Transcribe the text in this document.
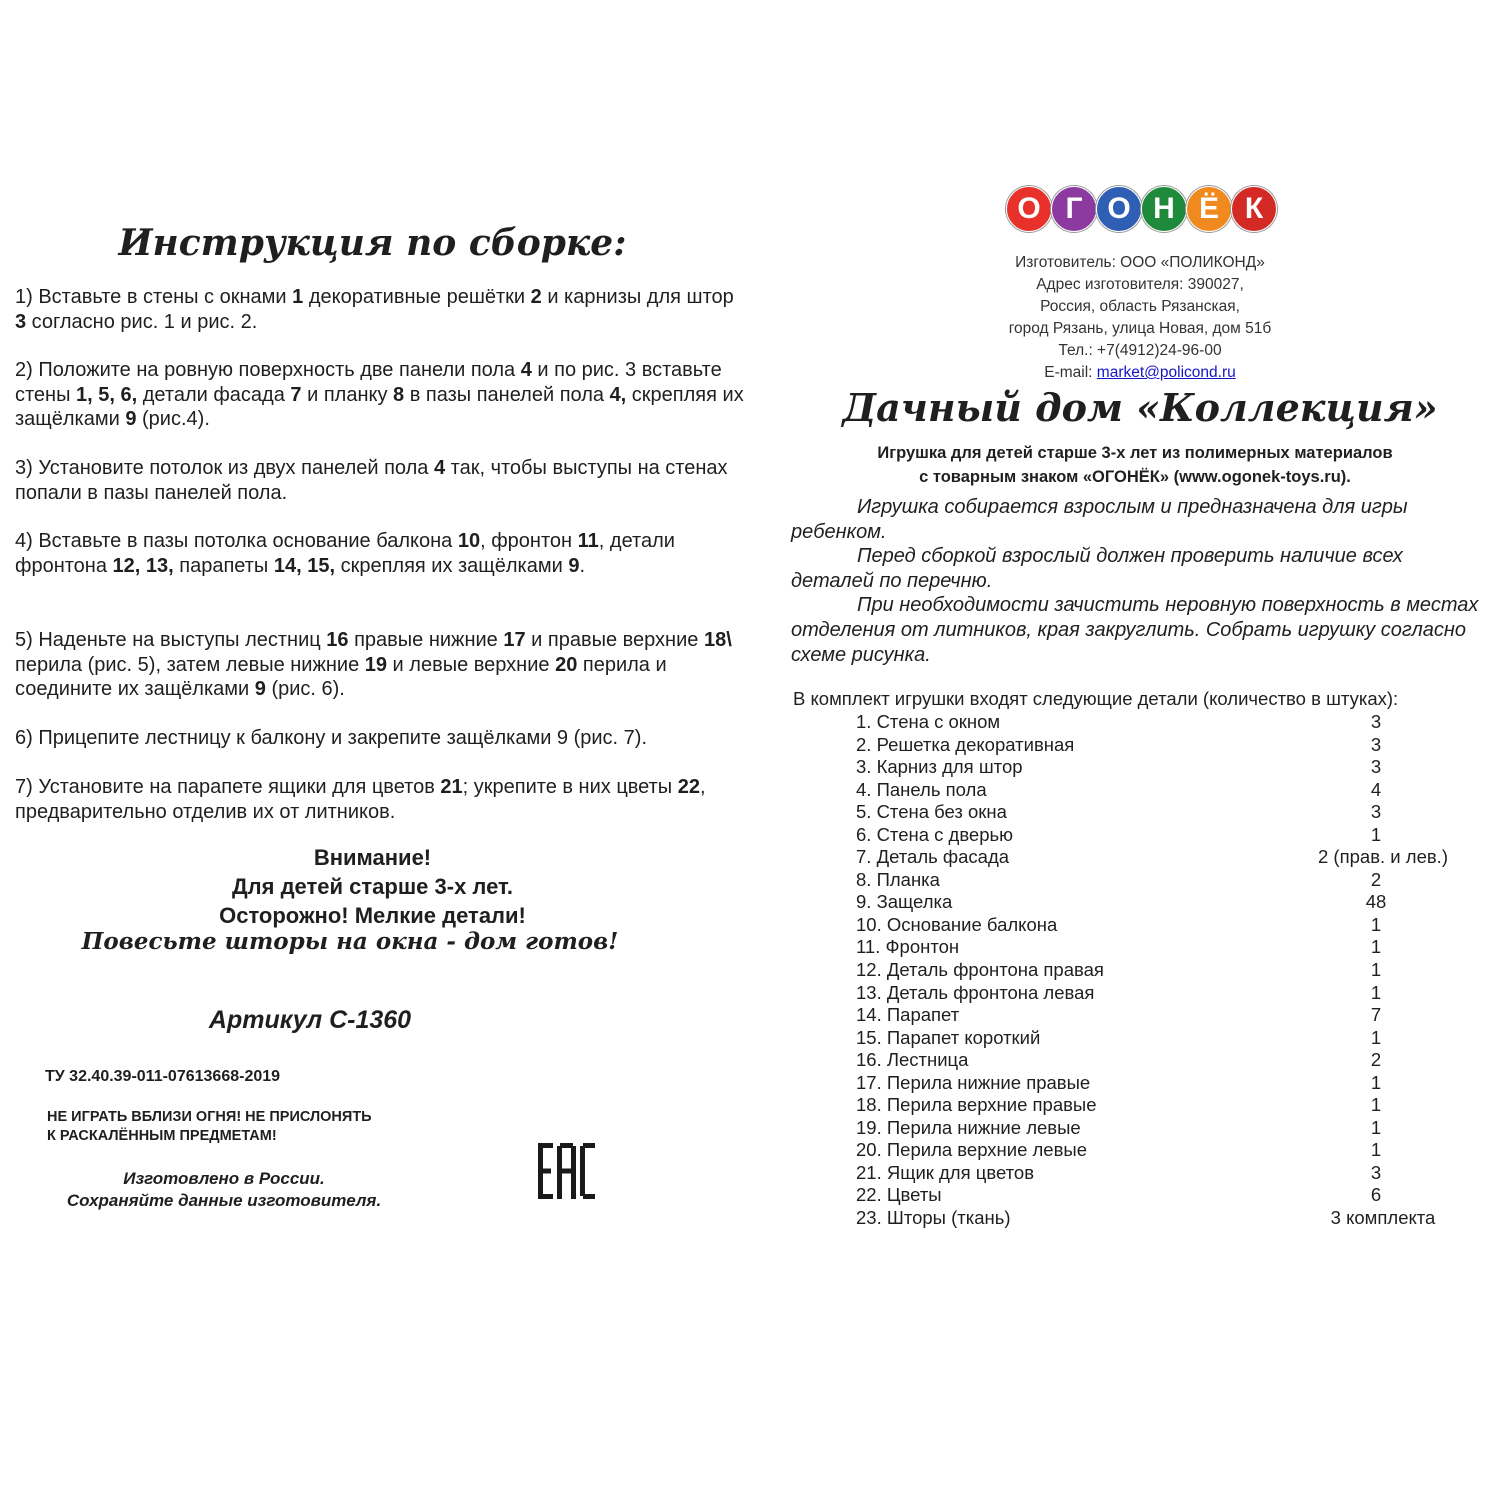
Инструкция по сборке:
1) Вставьте в стены с окнами 1 декоративные решётки 2 и карнизы для штор 3 согласно рис. 1 и рис. 2.
2) Положите на ровную поверхность две панели пола 4 и по рис. 3 вставьте стены 1, 5, 6, детали фасада 7 и планку 8 в пазы панелей пола 4, скрепляя их защёлками 9 (рис.4).
3) Установите потолок из двух панелей пола 4 так, чтобы выступы на стенах попали в пазы панелей пола.
4) Вставьте в пазы потолка основание балкона 10, фронтон 11, детали фронтона 12, 13, парапеты 14, 15, скрепляя их защёлками 9.
5) Наденьте на выступы лестниц 16 правые нижние 17 и правые верхние 18\ перила (рис. 5), затем левые нижние 19 и левые верхние 20 перила и соедините их защёлками 9 (рис. 6).
6) Прицепите лестницу к балкону и закрепите защёлками 9 (рис. 7).
7) Установите на парапете ящики для цветов 21; укрепите в них цветы 22, предварительно отделив их от литников.
Внимание!
Для детей старше 3-х лет.
Осторожно! Мелкие детали!
Повесьте шторы на окна - дом готов!
Артикул С-1360
ТУ 32.40.39-011-07613668-2019
НЕ ИГРАТЬ ВБЛИЗИ ОГНЯ! НЕ ПРИСЛОНЯТЬ
К РАСКАЛЁННЫМ ПРЕДМЕТАМ!
Изготовлено в России.
Сохраняйте данные изготовителя.
О Г О Н Ё К
Изготовитель: ООО «ПОЛИКОНД»
Адрес изготовителя: 390027,
Россия, область Рязанская,
город Рязань, улица Новая, дом 51б
Тел.: +7(4912)24-96-00
E-mail: market@policond.ru
Дачный дом «Коллекция»
Игрушка для детей старше 3-х лет из полимерных материалов
с товарным знаком «ОГОНЁК» (www.ogonek-toys.ru).

Игрушка собирается взрослым и предназначена для игры ребенком.

Перед сборкой взрослый должен проверить наличие всех деталей по перечню.

При необходимости зачистить неровную поверхность в местах отделения от литников, края закруглить. Собрать игрушку согласно схеме рисунка.

В комплект игрушки входят следующие детали (количество в штуках):
1. Стена с окном	3
2. Решетка декоративная	3
3. Карниз для штор	3
4. Панель пола	4
5. Стена без окна	3
6. Стена с дверью	1
7. Деталь фасада	2 (прав. и лев.)
8. Планка	2
9. Защелка	48
10. Основание балкона	1
11. Фронтон	1
12. Деталь фронтона правая	1
13. Деталь фронтона левая	1
14. Парапет	7
15. Парапет короткий	1
16. Лестница	2
17. Перила нижние правые	1
18. Перила верхние правые	1
19. Перила нижние левые	1
20. Перила верхние левые	1
21. Ящик для цветов	3
22. Цветы	6
23. Шторы (ткань)	3 комплекта
